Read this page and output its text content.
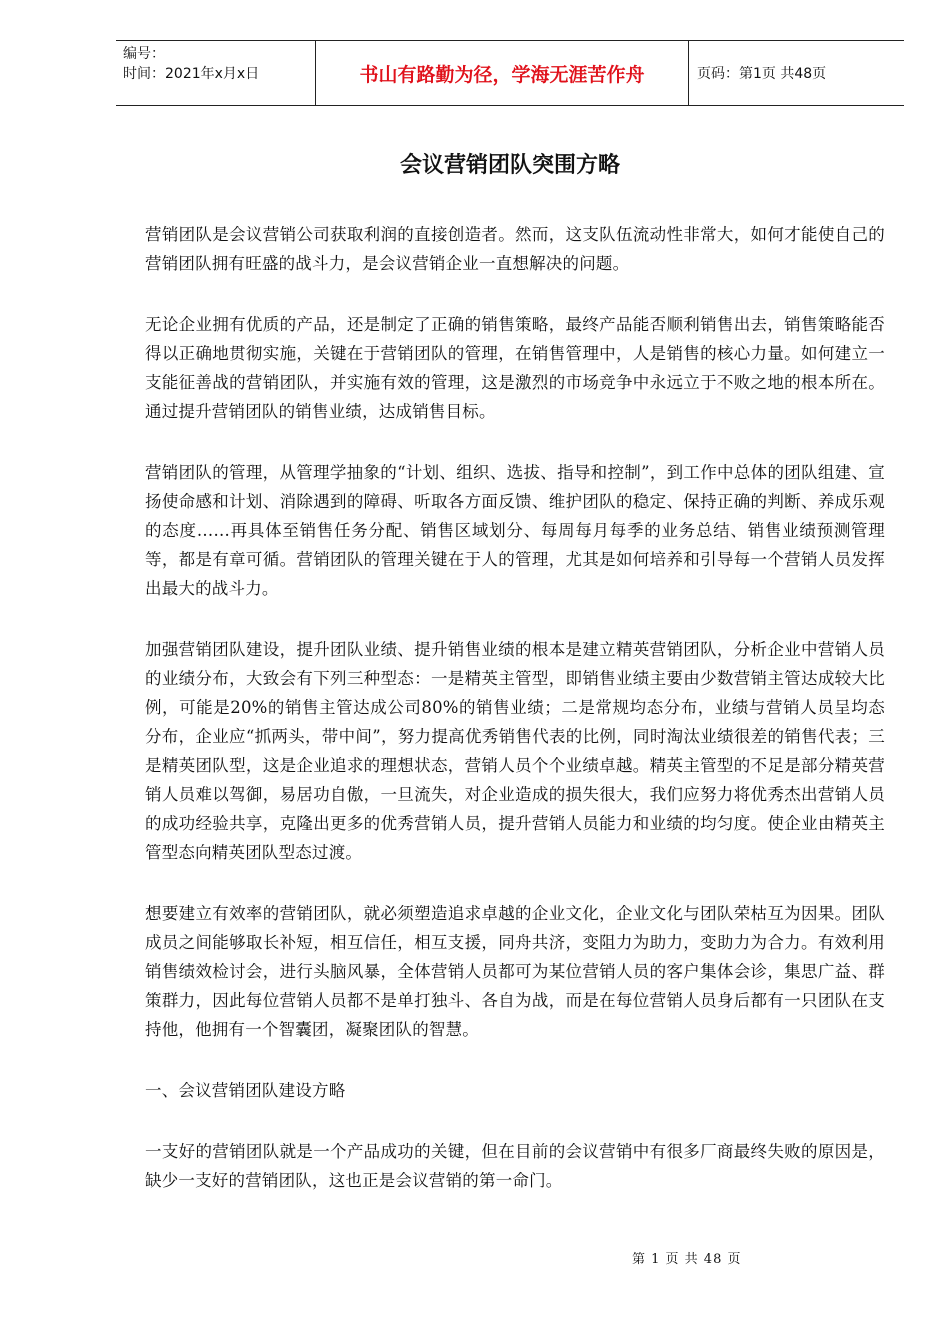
编号：
时间：2021年x月x日	书山有路勤为径，学海无涯苦作舟	页码：第1页 共48页
会议营销团队突围方略

营销团队是会议营销公司获取利润的直接创造者。然而，这支队伍流动性非常大，如何才能使自己的营销团队拥有旺盛的战斗力，是会议营销企业一直想解决的问题。

无论企业拥有优质的产品，还是制定了正确的销售策略，最终产品能否顺利销售出去，销售策略能否得以正确地贯彻实施，关键在于营销团队的管理，在销售管理中，人是销售的核心力量。如何建立一支能征善战的营销团队，并实施有效的管理，这是激烈的市场竞争中永远立于不败之地的根本所在。通过提升营销团队的销售业绩，达成销售目标。

营销团队的管理，从管理学抽象的“计划、组织、选拔、指导和控制”，到工作中总体的团队组建、宣扬使命感和计划、消除遇到的障碍、听取各方面反馈、维护团队的稳定、保持正确的判断、养成乐观的态度……再具体至销售任务分配、销售区域划分、每周每月每季的业务总结、销售业绩预测管理等，都是有章可循。营销团队的管理关键在于人的管理，尤其是如何培养和引导每一个营销人员发挥出最大的战斗力。

加强营销团队建设，提升团队业绩、提升销售业绩的根本是建立精英营销团队，分析企业中营销人员的业绩分布，大致会有下列三种型态：一是精英主管型，即销售业绩主要由少数营销主管达成较大比例，可能是20%的销售主管达成公司80%的销售业绩；二是常规均态分布，业绩与营销人员呈均态分布，企业应“抓两头，带中间”，努力提高优秀销售代表的比例，同时淘汰业绩很差的销售代表；三是精英团队型，这是企业追求的理想状态，营销人员个个业绩卓越。精英主管型的不足是部分精英营销人员难以驾御，易居功自傲，一旦流失，对企业造成的损失很大，我们应努力将优秀杰出营销人员的成功经验共享，克隆出更多的优秀营销人员，提升营销人员能力和业绩的均匀度。使企业由精英主管型态向精英团队型态过渡。

想要建立有效率的营销团队，就必须塑造追求卓越的企业文化，企业文化与团队荣枯互为因果。团队成员之间能够取长补短，相互信任，相互支援，同舟共济，变阻力为助力，变助力为合力。有效利用销售绩效检讨会，进行头脑风暴，全体营销人员都可为某位营销人员的客户集体会诊，集思广益、群策群力，因此每位营销人员都不是单打独斗、各自为战，而是在每位营销人员身后都有一只团队在支持他，他拥有一个智囊团，凝聚团队的智慧。

一、会议营销团队建设方略

一支好的营销团队就是一个产品成功的关键，但在目前的会议营销中有很多厂商最终失败的原因是，缺少一支好的营销团队，这也正是会议营销的第一命门。

第 1 页 共 48 页
